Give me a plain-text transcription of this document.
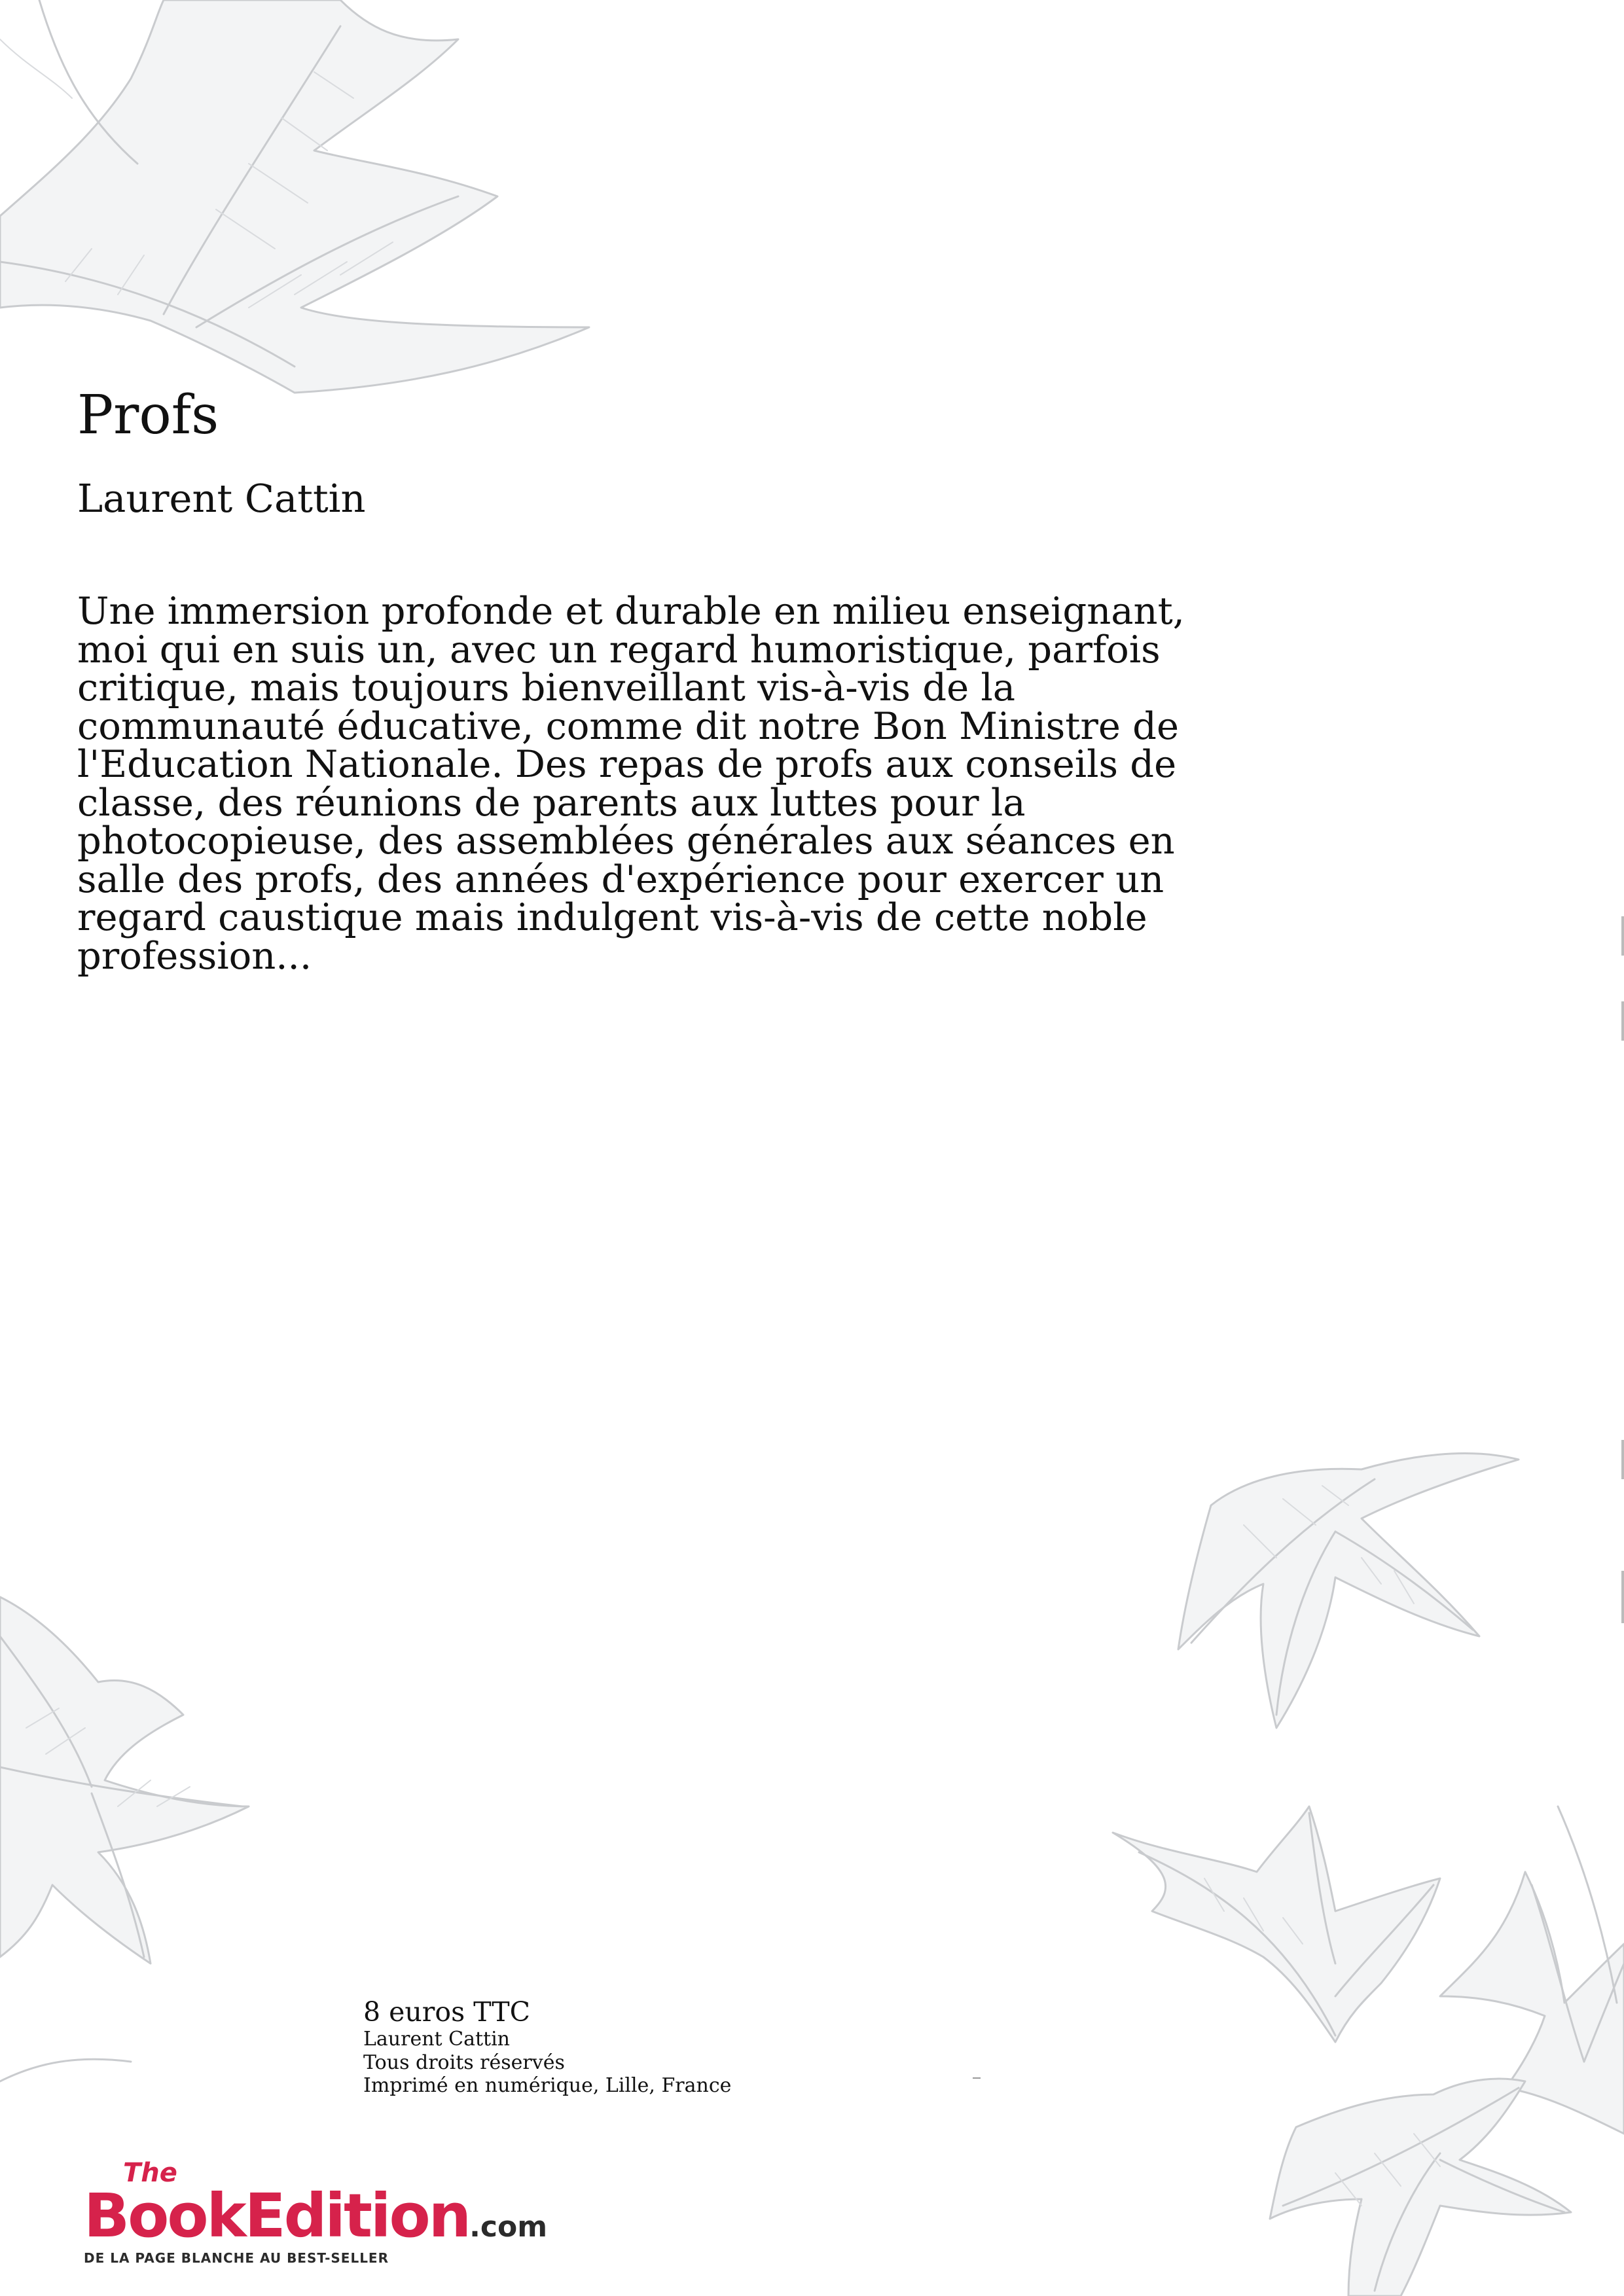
Profs

Laurent Cattin

Une immersion profonde et durable en milieu enseignant, moi qui en suis un, avec un regard humoristique, parfois critique, mais toujours bienveillant vis-à-vis de la communauté éducative, comme dit notre Bon Ministre de l'Education Nationale. Des repas de profs aux conseils de classe, des réunions de parents aux luttes pour la photocopieuse, des assemblées générales aux séances en salle des profs, des années d'expérience pour exercer un regard caustique mais indulgent vis-à-vis de cette noble profession...

8 euros TTC
Laurent Cattin
Tous droits réservés
Imprimé en numérique, Lille, France
The
BookEdition.com
DE LA PAGE BLANCHE AU BEST-SELLER
